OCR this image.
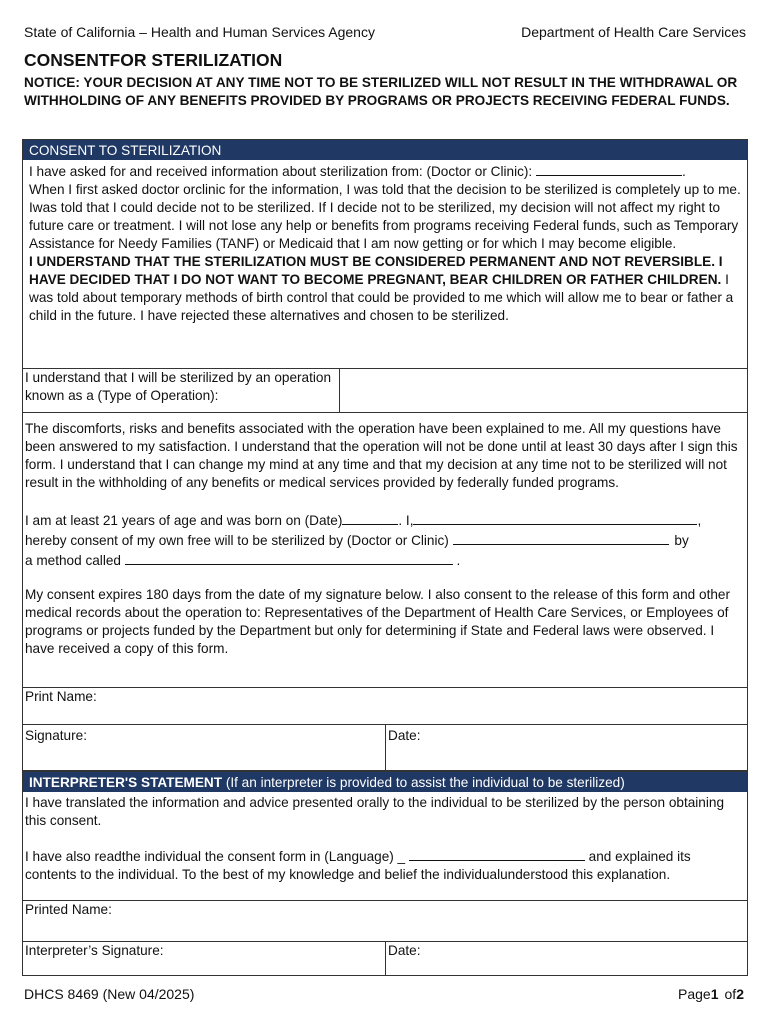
State of California – Health and Human Services Agency	Department of Health Care Services
CONSENTFOR STERILIZATION
NOTICE: YOUR DECISION AT ANY TIME NOT TO BE STERILIZED WILL NOT RESULT IN THE WITHDRAWAL OR WITHHOLDING OF ANY BENEFITS PROVIDED BY PROGRAMS OR PROJECTS RECEIVING FEDERAL FUNDS.
CONSENT TO STERILIZATION

I have asked for and received information about sterilization from: (Doctor or Clinic):	.

When I first asked doctor orclinic for the information, I was told that the decision to be sterilized is completely up to me. Iwas told that I could decide not to be sterilized. If I decide not to be sterilized, my decision will not affect my right to future care or treatment. I will not lose any help or benefits from programs receiving Federal funds, such as Temporary Assistance for Needy Families (TANF) or Medicaid that I am now getting or for which I may become eligible.

I UNDERSTAND THAT THE STERILIZATION MUST BE CONSIDERED PERMANENT AND NOT REVERSIBLE. I HAVE DECIDED THAT I DO NOT WANT TO BECOME PREGNANT, BEAR CHILDREN OR FATHER CHILDREN. I was told about temporary methods of birth control that could be provided to me which will allow me to bear or father a child in the future. I have rejected these alternatives and chosen to be sterilized.

I understand that I will be sterilized by an operation known as a (Type of Operation):

The discomforts, risks and benefits associated with the operation have been explained to me. All my questions have been answered to my satisfaction. I understand that the operation will not be done until at least 30 days after I sign this form. I understand that I can change my mind at any time and that my decision at any time not to be sterilized will not result in the withholding of any benefits or medical services provided by federally funded programs.

I am at least 21 years of age and was born on (Date)	. I,	,

hereby consent of my own free will to be sterilized by (Doctor or Clinic)	by

a method called	.

My consent expires 180 days from the date of my signature below. I also consent to the release of this form and other medical records about the operation to: Representatives of the Department of Health Care Services, or Employees of programs or projects funded by the Department but only for determining if State and Federal laws were observed. I have received a copy of this form.

Print Name:
Signature:	Date:
INTERPRETER'S STATEMENT (If an interpreter is provided to assist the individual to be sterilized)

I have translated the information and advice presented orally to the individual to be sterilized by the person obtaining this consent.

I have also readthe individual the consent form in (Language) _	and explained its contents to the individual. To the best of my knowledge and belief the individualunderstood this explanation.

Printed Name:
Interpreter’s Signature:	Date:
DHCS 8469 (New 04/2025)	Page1 of2
